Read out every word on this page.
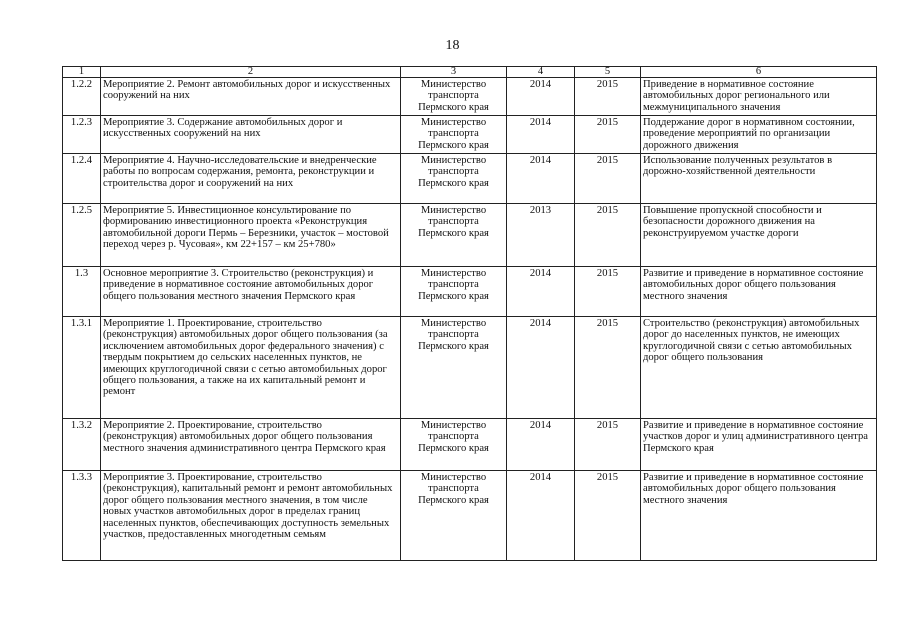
18
1	2	3	4	5	6
1.2.2	Мероприятие 2. Ремонт автомобильных дорог и искусственных сооружений на них	Министерство транспорта Пермского края	2014	2015	Приведение в нормативное состояние автомобильных дорог регионального или межмуниципального значения
1.2.3	Мероприятие 3. Содержание автомобильных дорог и искусственных сооружений на них	Министерство транспорта Пермского края	2014	2015	Поддержание дорог в нормативном состоянии, проведение мероприятий по организации дорожного движения
1.2.4	Мероприятие 4. Научно-исследовательские и внедренческие работы по вопросам содержания, ремонта, реконструкции и строительства дорог и сооружений на них	Министерство транспорта Пермского края	2014	2015	Использование полученных результатов в дорожно-хозяйственной деятельности
1.2.5	Мероприятие 5. Инвестиционное консультирование по формированию инвестиционного проекта «Реконструкция автомобильной дороги Пермь – Березники, участок – мостовой переход через р. Чусовая», км 22+157 – км 25+780»	Министерство транспорта Пермского края	2013	2015	Повышение пропускной способности и безопасности дорожного движения на реконструируемом участке дороги
1.3	Основное мероприятие 3. Строительство (реконструкция) и приведение в нормативное состояние автомобильных дорог общего пользования местного значения Пермского края	Министерство транспорта Пермского края	2014	2015	Развитие и приведение в нормативное состояние автомобильных дорог общего пользования местного значения
1.3.1	Мероприятие 1. Проектирование, строительство (реконструкция) автомобильных дорог общего пользования (за исключением автомобильных дорог федерального значения) с твердым покрытием до сельских населенных пунктов, не имеющих круглогодичной связи с сетью автомобильных дорог общего пользования, а также на их капитальный ремонт и ремонт	Министерство транспорта Пермского края	2014	2015	Строительство (реконструкция) автомобильных дорог до населенных пунктов, не имеющих круглогодичной связи с сетью автомобильных дорог общего пользования
1.3.2	Мероприятие 2. Проектирование, строительство (реконструкция) автомобильных дорог общего пользования местного значения административного центра Пермского края	Министерство транспорта Пермского края	2014	2015	Развитие и приведение в нормативное состояние участков дорог и улиц административного центра Пермского края
1.3.3	Мероприятие 3. Проектирование, строительство (реконструкция), капитальный ремонт и ремонт автомобильных дорог общего пользования местного значения, в том числе новых участков автомобильных дорог в пределах границ населенных пунктов, обеспечивающих доступность земельных участков, предоставленных многодетным семьям	Министерство транспорта Пермского края	2014	2015	Развитие и приведение в нормативное состояние автомобильных дорог общего пользования местного значения
